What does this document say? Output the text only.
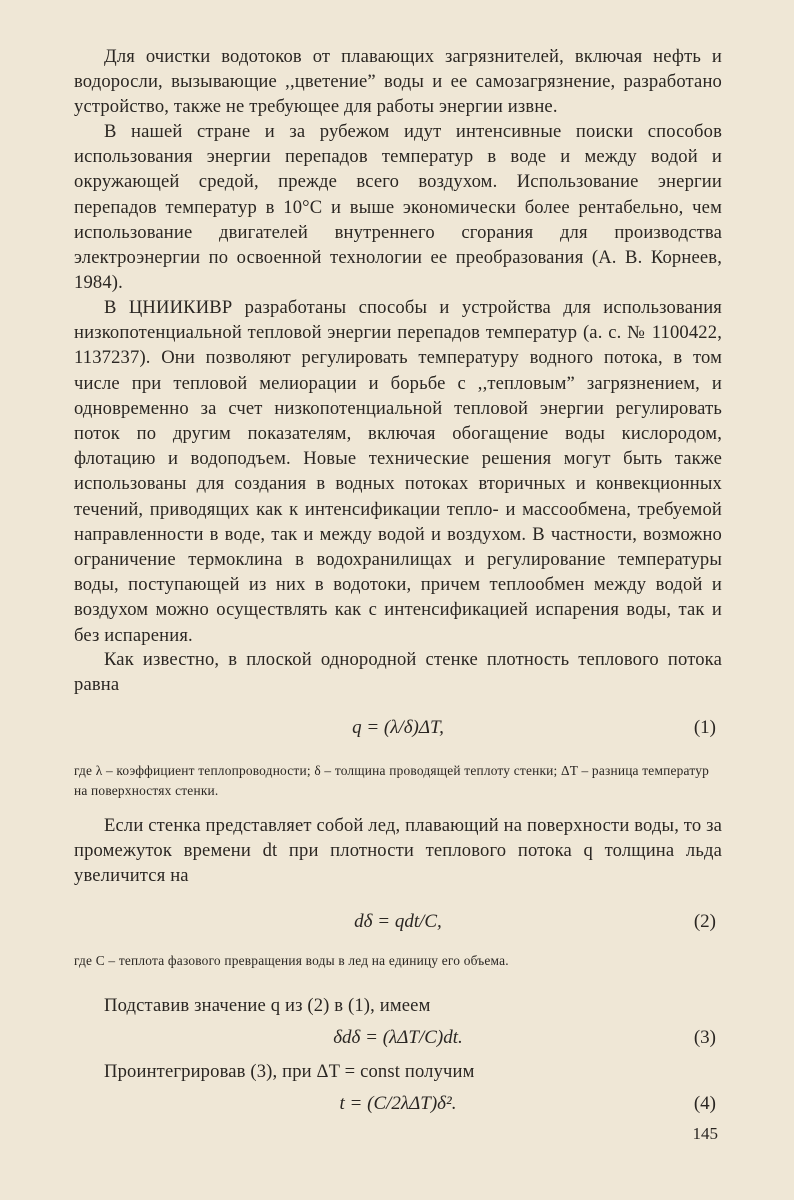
Для очистки водотоков от плавающих загрязнителей, включая нефть и водоросли, вызывающие ,,цветение” воды и ее самозагрязнение, разработано устройство, также не требующее для работы энергии извне.

В нашей стране и за рубежом идут интенсивные поиски способов использования энергии перепадов температур в воде и между водой и окружающей средой, прежде всего воздухом. Использование энергии перепадов температур в 10°С и выше экономически более рентабельно, чем использование двигателей внутреннего сгорания для производства электроэнергии по освоенной технологии ее преобразования (А. В. Корнеев, 1984).

В ЦНИИКИВР разработаны способы и устройства для использования низкопотенциальной тепловой энергии перепадов температур (а. с. № 1100422, 1137237). Они позволяют регулировать температуру водного потока, в том числе при тепловой мелиорации и борьбе с ,,тепловым” загрязнением, и одновременно за счет низкопотенциальной тепловой энергии регулировать поток по другим показателям, включая обогащение воды кислородом, флотацию и водоподъем. Новые технические решения могут быть также использованы для создания в водных потоках вторичных и конвекционных течений, приводящих как к интенсификации тепло- и массообмена, требуемой направленности в воде, так и между водой и воздухом. В частности, возможно ограничение термоклина в водохранилищах и регулирование температуры воды, поступающей из них в водотоки, причем теплообмен между водой и воздухом можно осуществлять как с интенсификацией испарения воды, так и без испарения.

Как известно, в плоской однородной стенке плотность теплового потока равна

q = (λ/δ)ΔT,	(1)

где λ – коэффициент теплопроводности; δ – толщина проводящей теплоту стенки; ΔT – разница температур на поверхностях стенки.

Если стенка представляет собой лед, плавающий на поверхности воды, то за промежуток времени dt при плотности теплового потока q толщина льда увеличится на

dδ = qdt/C,	(2)

где C – теплота фазового превращения воды в лед на единицу его объема.

Подставив значение q из (2) в (1), имеем

δdδ = (λΔT/C)dt.	(3)

Проинтегрировав (3), при ΔT = const получим

t = (C/2λΔT)δ².	(4)
145
